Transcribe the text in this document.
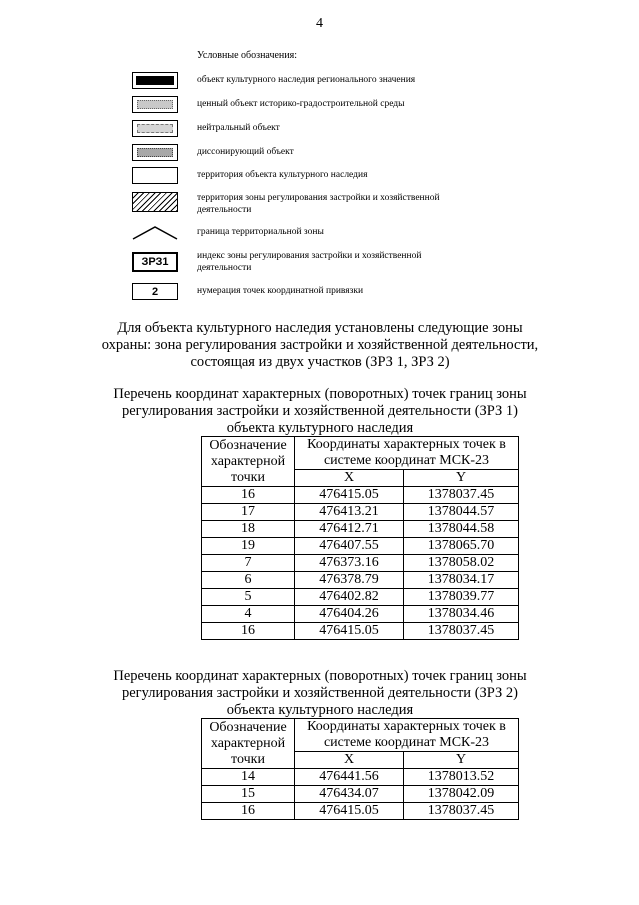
4
Условные обозначения:
объект культурного наследия регионального значения
ценный объект историко-градостроительной среды
нейтральный объект
диссонирующий объект
территория объекта культурного наследия
территория зоны регулирования застройки и хозяйственной деятельности
граница территориальной зоны
ЗРЗ1	индекс зоны регулирования застройки и хозяйственной деятельности
2	нумерация точек координатной привязки
Для объекта культурного наследия установлены следующие зоны охраны: зона регулирования застройки и хозяйственной деятельности, состоящая из двух участков (ЗРЗ 1, ЗРЗ 2)
Перечень координат характерных (поворотных) точек границ зоны регулирования застройки и хозяйственной деятельности (ЗРЗ 1) объекта культурного наследия
Обозначение характерной точки	Координаты характерных точек в системе координат МСК-23	
	X	Y
16	476415.05	1378037.45
17	476413.21	1378044.57
18	476412.71	1378044.58
19	476407.55	1378065.70
7	476373.16	1378058.02
6	476378.79	1378034.17
5	476402.82	1378039.77
4	476404.26	1378034.46
16	476415.05	1378037.45
Перечень координат характерных (поворотных) точек границ зоны регулирования застройки и хозяйственной деятельности (ЗРЗ 2) объекта культурного наследия
Обозначение характерной точки	Координаты характерных точек в системе координат МСК-23	
	X	Y
14	476441.56	1378013.52
15	476434.07	1378042.09
16	476415.05	1378037.45
